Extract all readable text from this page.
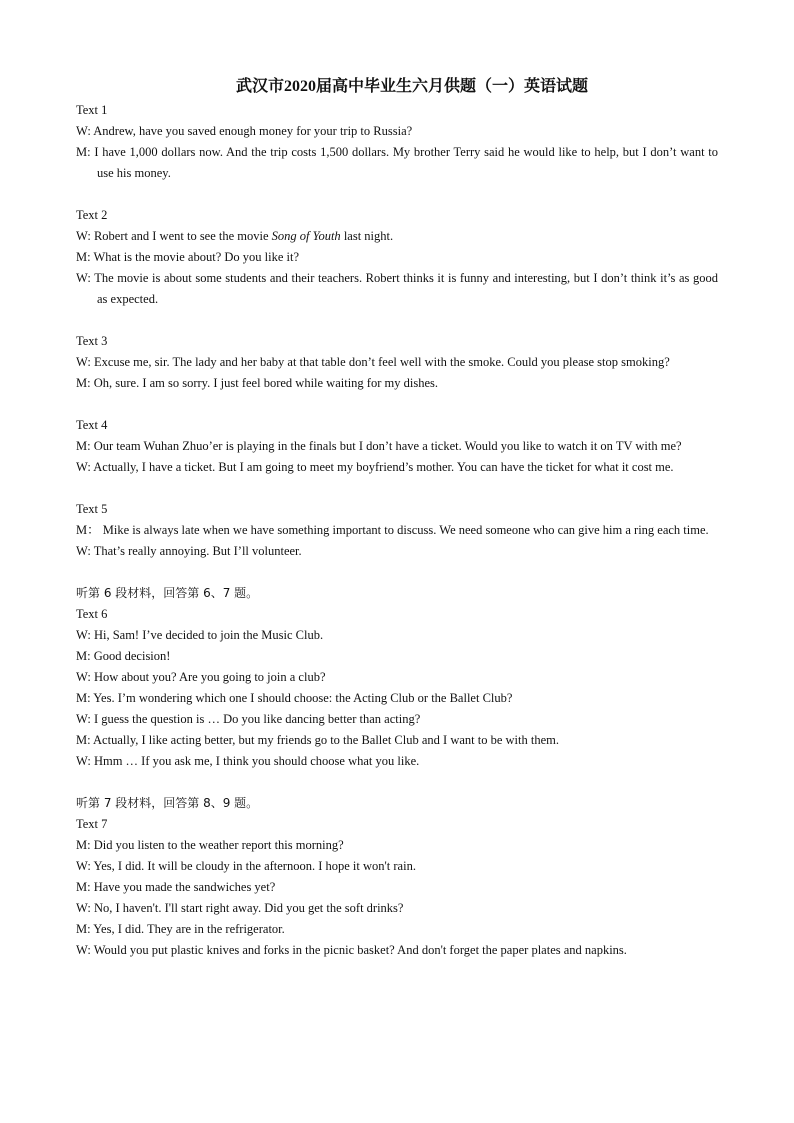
武汉市2020届高中毕业生六月供题（一）英语试题

Text 1

W: Andrew, have you saved enough money for your trip to Russia?

M: I have 1,000 dollars now. And the trip costs 1,500 dollars. My brother Terry said he would like to help, but I don’t want to use his money.

Text 2

W: Robert and I went to see the movie Song of Youth last night.

M: What is the movie about? Do you like it?

W: The movie is about some students and their teachers. Robert thinks it is funny and interesting, but I don’t think it’s as good as expected.

Text 3

W: Excuse me, sir. The lady and her baby at that table don’t feel well with the smoke. Could you please stop smoking?

M: Oh, sure. I am so sorry. I just feel bored while waiting for my dishes.

Text 4

M: Our team Wuhan Zhuo’er is playing in the finals but I don’t have a ticket. Would you like to watch it on TV with me?

W: Actually, I have a ticket. But I am going to meet my boyfriend’s mother. You can have the ticket for what it cost me.

Text 5

M： Mike is always late when we have something important to discuss. We need someone who can give him a ring each time.

W: That’s really annoying. But I’ll volunteer.

听第 6 段材料，回答第 6、7 题。

Text 6

W: Hi, Sam! I’ve decided to join the Music Club.

M: Good decision!

W: How about you? Are you going to join a club?

M: Yes. I’m wondering which one I should choose: the Acting Club or the Ballet Club?

W: I guess the question is … Do you like dancing better than acting?

M: Actually, I like acting better, but my friends go to the Ballet Club and I want to be with them.

W: Hmm … If you ask me, I think you should choose what you like.

听第 7 段材料，回答第 8、9 题。

Text 7

M: Did you listen to the weather report this morning?

W: Yes, I did. It will be cloudy in the afternoon. I hope it won't rain.

M: Have you made the sandwiches yet?

W: No, I haven't. I'll start right away. Did you get the soft drinks?

M: Yes, I did. They are in the refrigerator.

W: Would you put plastic knives and forks in the picnic basket? And don't forget the paper plates and napkins.
